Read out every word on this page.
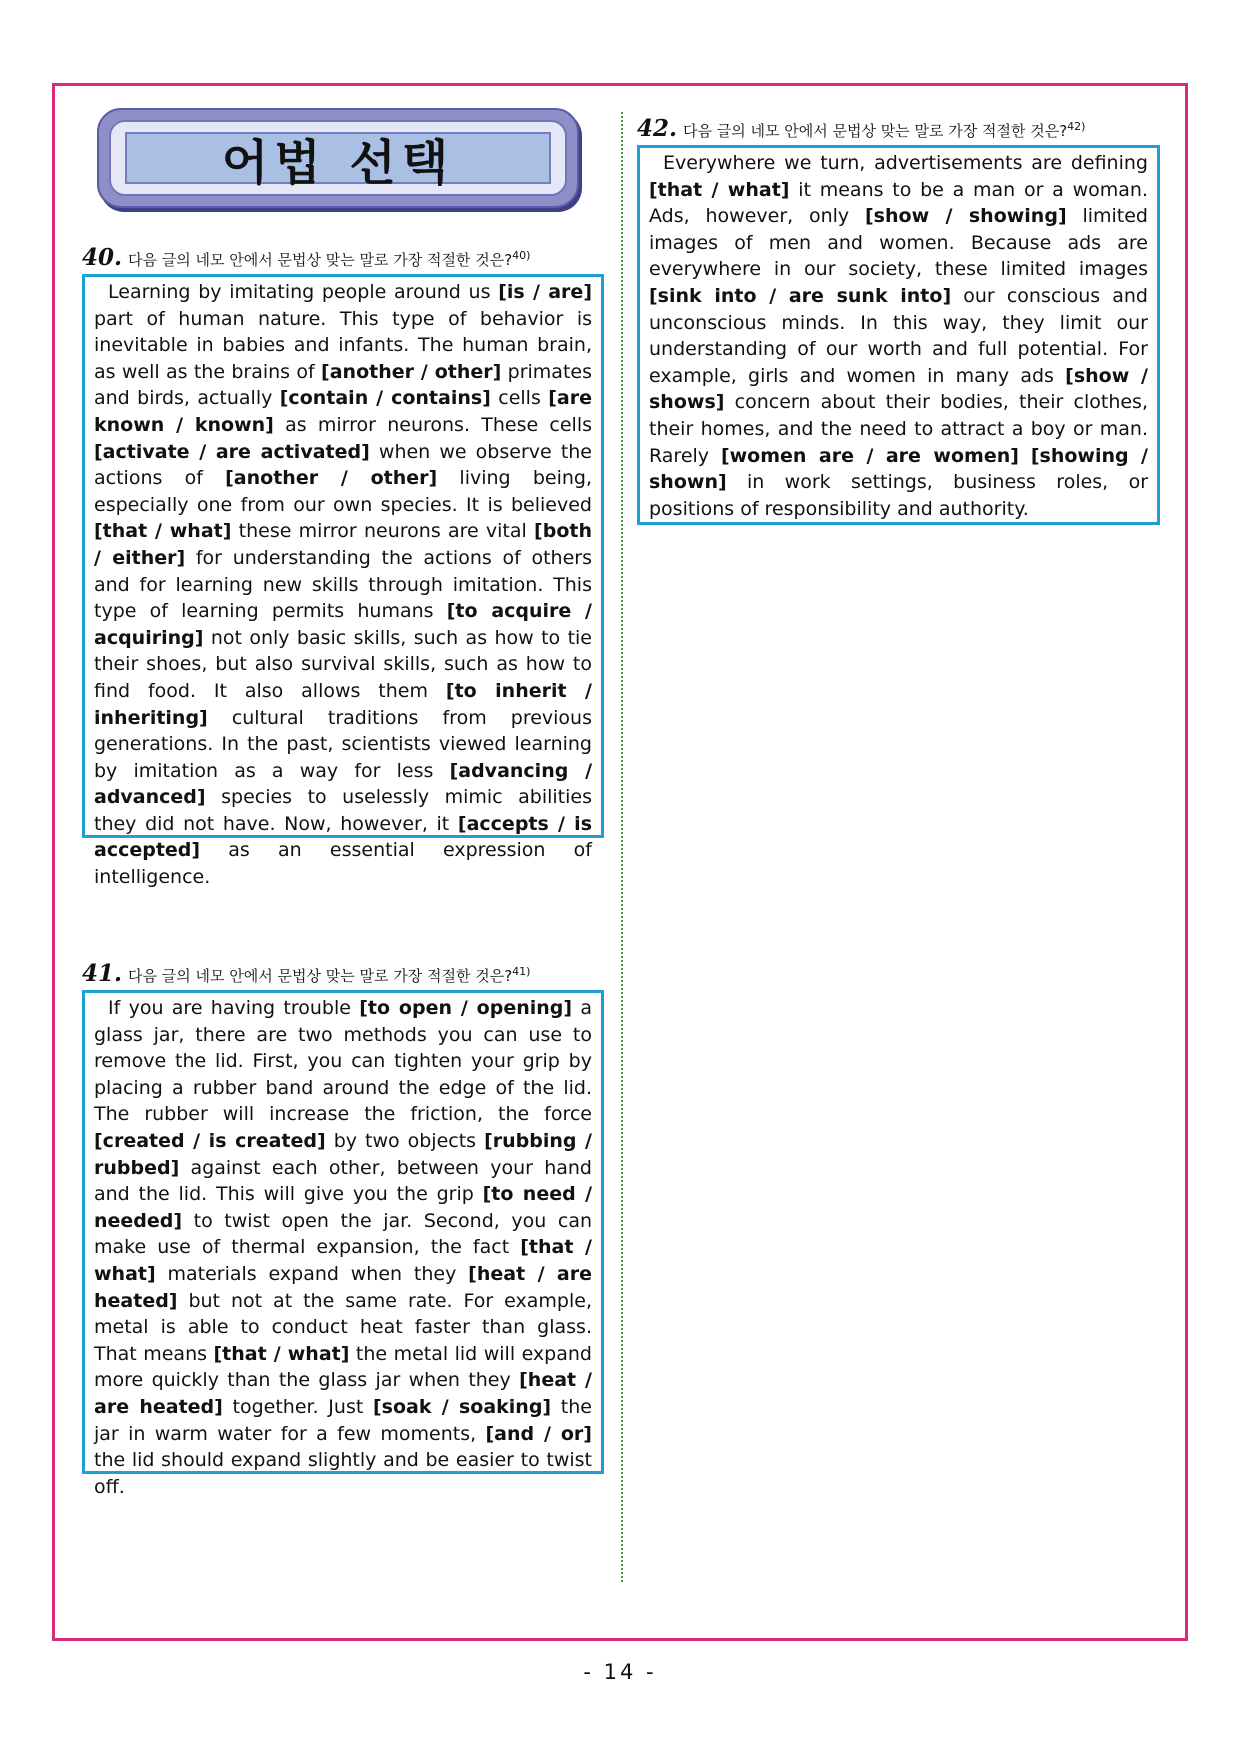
어법 선택
40. 다음 글의 네모 안에서 문법상 맞는 말로 가장 적절한 것은?$^{40)}$
Learning by imitating people around us [is / are] part of human nature. This type of behavior is inevitable in babies and infants. The human brain, as well as the brains of [another / other] primates and birds, actually [contain / contains] cells [are known / known] as mirror neurons. These cells [activate / are activated] when we observe the actions of [another / other] living being, especially one from our own species. It is believed [that / what] these mirror neurons are vital [both / either] for understanding the actions of others and for learning new skills through imitation. This type of learning permits humans [to acquire / acquiring] not only basic skills, such as how to tie their shoes, but also survival skills, such as how to find food. It also allows them [to inherit / inheriting] cultural traditions from previous generations. In the past, scientists viewed learning by imitation as a way for less [advancing / advanced] species to uselessly mimic abilities they did not have. Now, however, it [accepts / is accepted] as an essential expression of intelligence.
41. 다음 글의 네모 안에서 문법상 맞는 말로 가장 적절한 것은?$^{41)}$
If you are having trouble [to open / opening] a glass jar, there are two methods you can use to remove the lid. First, you can tighten your grip by placing a rubber band around the edge of the lid. The rubber will increase the friction, the force [created / is created] by two objects [rubbing / rubbed] against each other, between your hand and the lid. This will give you the grip [to need / needed] to twist open the jar. Second, you can make use of thermal expansion, the fact [that / what] materials expand when they [heat / are heated] but not at the same rate. For example, metal is able to conduct heat faster than glass. That means [that / what] the metal lid will expand more quickly than the glass jar when they [heat / are heated] together. Just [soak / soaking] the jar in warm water for a few moments, [and / or] the lid should expand slightly and be easier to twist off.
42. 다음 글의 네모 안에서 문법상 맞는 말로 가장 적절한 것은?$^{42)}$
Everywhere we turn, advertisements are defining [that / what] it means to be a man or a woman. Ads, however, only [show / showing] limited images of men and women. Because ads are everywhere in our society, these limited images [sink into / are sunk into] our conscious and unconscious minds. In this way, they limit our understanding of our worth and full potential. For example, girls and women in many ads [show / shows] concern about their bodies, their clothes, their homes, and the need to attract a boy or man. Rarely [women are / are women] [showing / shown] in work settings, business roles, or positions of responsibility and authority.
- 14 -
